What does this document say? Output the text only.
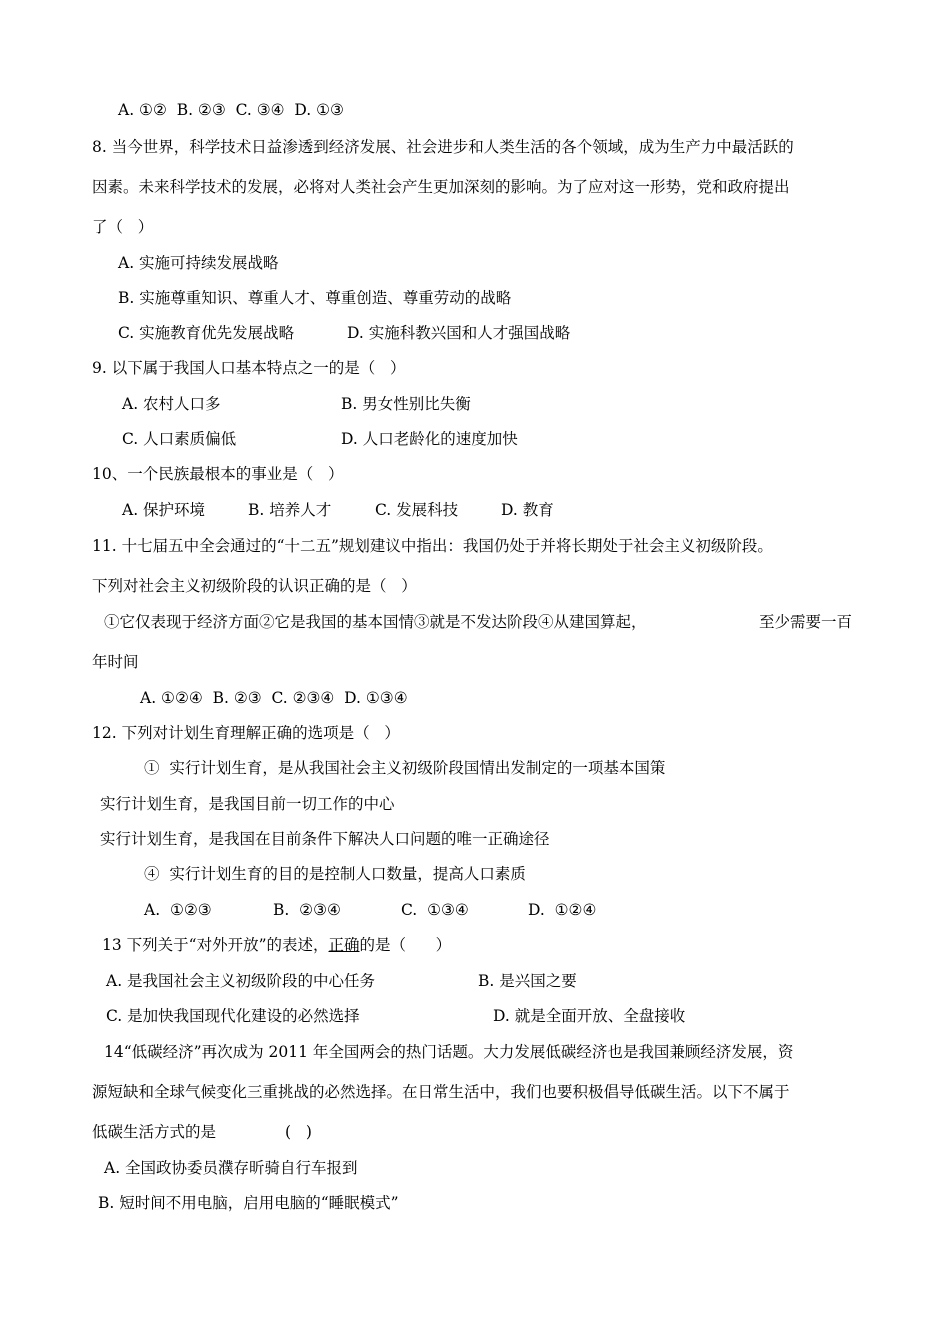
A. ①②  B. ②③  C. ③④  D. ①③
8. 当今世界，科学技术日益渗透到经济发展、社会进步和人类生活的各个领域，成为生产力中最活跃的
因素。未来科学技术的发展，必将对人类社会产生更加深刻的影响。为了应对这一形势，党和政府提出
了（   ）
A. 实施可持续发展战略
B. 实施尊重知识、尊重人才、尊重创造、尊重劳动的战略
C. 实施教育优先发展战略	D. 实施科教兴国和人才强国战略
9. 以下属于我国人口基本特点之一的是（   ）
A. 农村人口多	B. 男女性别比失衡
C. 人口素质偏低	D. 人口老龄化的速度加快
10、一个民族最根本的事业是（   ）
A. 保护环境	B. 培养人才	C. 发展科技	D. 教育
11. 十七届五中全会通过的“十二五”规划建议中指出：我国仍处于并将长期处于社会主义初级阶段。
下列对社会主义初级阶段的认识正确的是（   ）
①它仅表现于经济方面②它是我国的基本国情③就是不发达阶段④从建国算起，	至少需要一百
年时间
A. ①②④  B. ②③  C. ②③④  D. ①③④
12. 下列对计划生育理解正确的选项是（   ）
①  实行计划生育，是从我国社会主义初级阶段国情出发制定的一项基本国策
实行计划生育，是我国目前一切工作的中心
实行计划生育，是我国在目前条件下解决人口问题的唯一正确途径
④  实行计划生育的目的是控制人口数量，提高人口素质
A.  ①②③	B.  ②③④	C.  ①③④	D.  ①②④
13 下列关于“对外开放”的表述，正确的是（      ）
A. 是我国社会主义初级阶段的中心任务	B. 是兴国之要
C. 是加快我国现代化建设的必然选择	D. 就是全面开放、全盘接收
14“低碳经济”再次成为 2011 年全国两会的热门话题。大力发展低碳经济也是我国兼顾经济发展，资
源短缺和全球气候变化三重挑战的必然选择。在日常生活中，我们也要积极倡导低碳生活。以下不属于
低碳生活方式的是	(   )
A. 全国政协委员濮存昕骑自行车报到
B. 短时间不用电脑，启用电脑的“睡眠模式”
